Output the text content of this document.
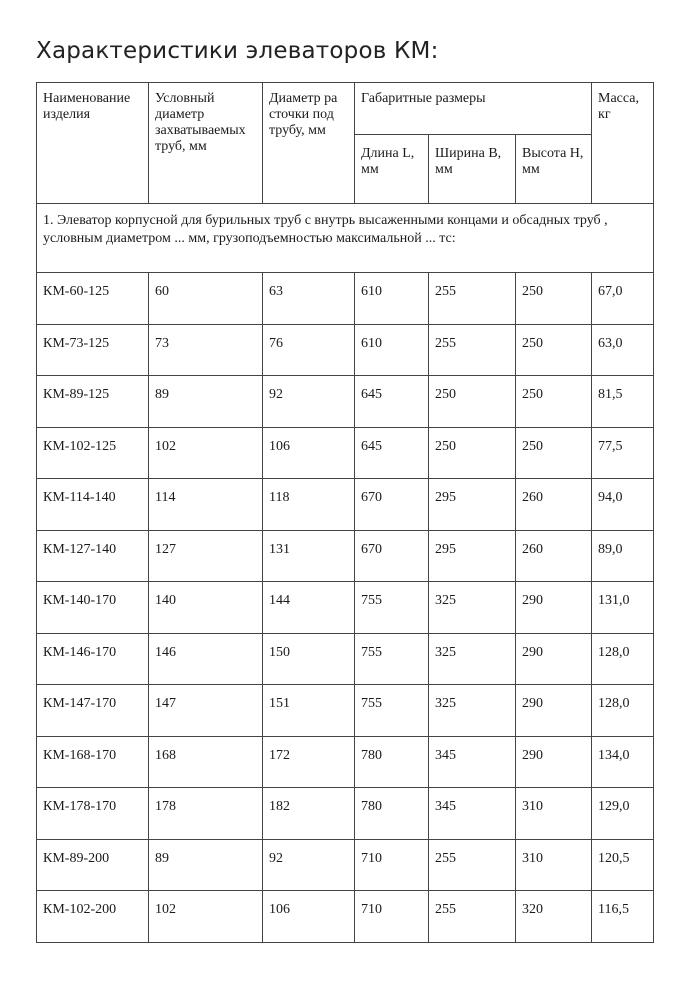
Характеристики элеваторов КМ:
Наименование изделия	Условный диаметр захватываемых труб, мм	Диаметр ра сточки под трубу, мм	Габаритные размеры			Масса, кг
			Длина L, мм	Ширина B, мм	Высота H, мм	
1. Элеватор корпусной для бурильных труб с внутрь высаженными концами и обсадных труб , условным диаметром ... мм, грузоподъемностью максимальной ... тс:						
КМ-60-125	60	63	610	255	250	67,0
КМ-73-125	73	76	610	255	250	63,0
КМ-89-125	89	92	645	250	250	81,5
КМ-102-125	102	106	645	250	250	77,5
КМ-114-140	114	118	670	295	260	94,0
КМ-127-140	127	131	670	295	260	89,0
КМ-140-170	140	144	755	325	290	131,0
КМ-146-170	146	150	755	325	290	128,0
КМ-147-170	147	151	755	325	290	128,0
КМ-168-170	168	172	780	345	290	134,0
КМ-178-170	178	182	780	345	310	129,0
КМ-89-200	89	92	710	255	310	120,5
КМ-102-200	102	106	710	255	320	116,5
